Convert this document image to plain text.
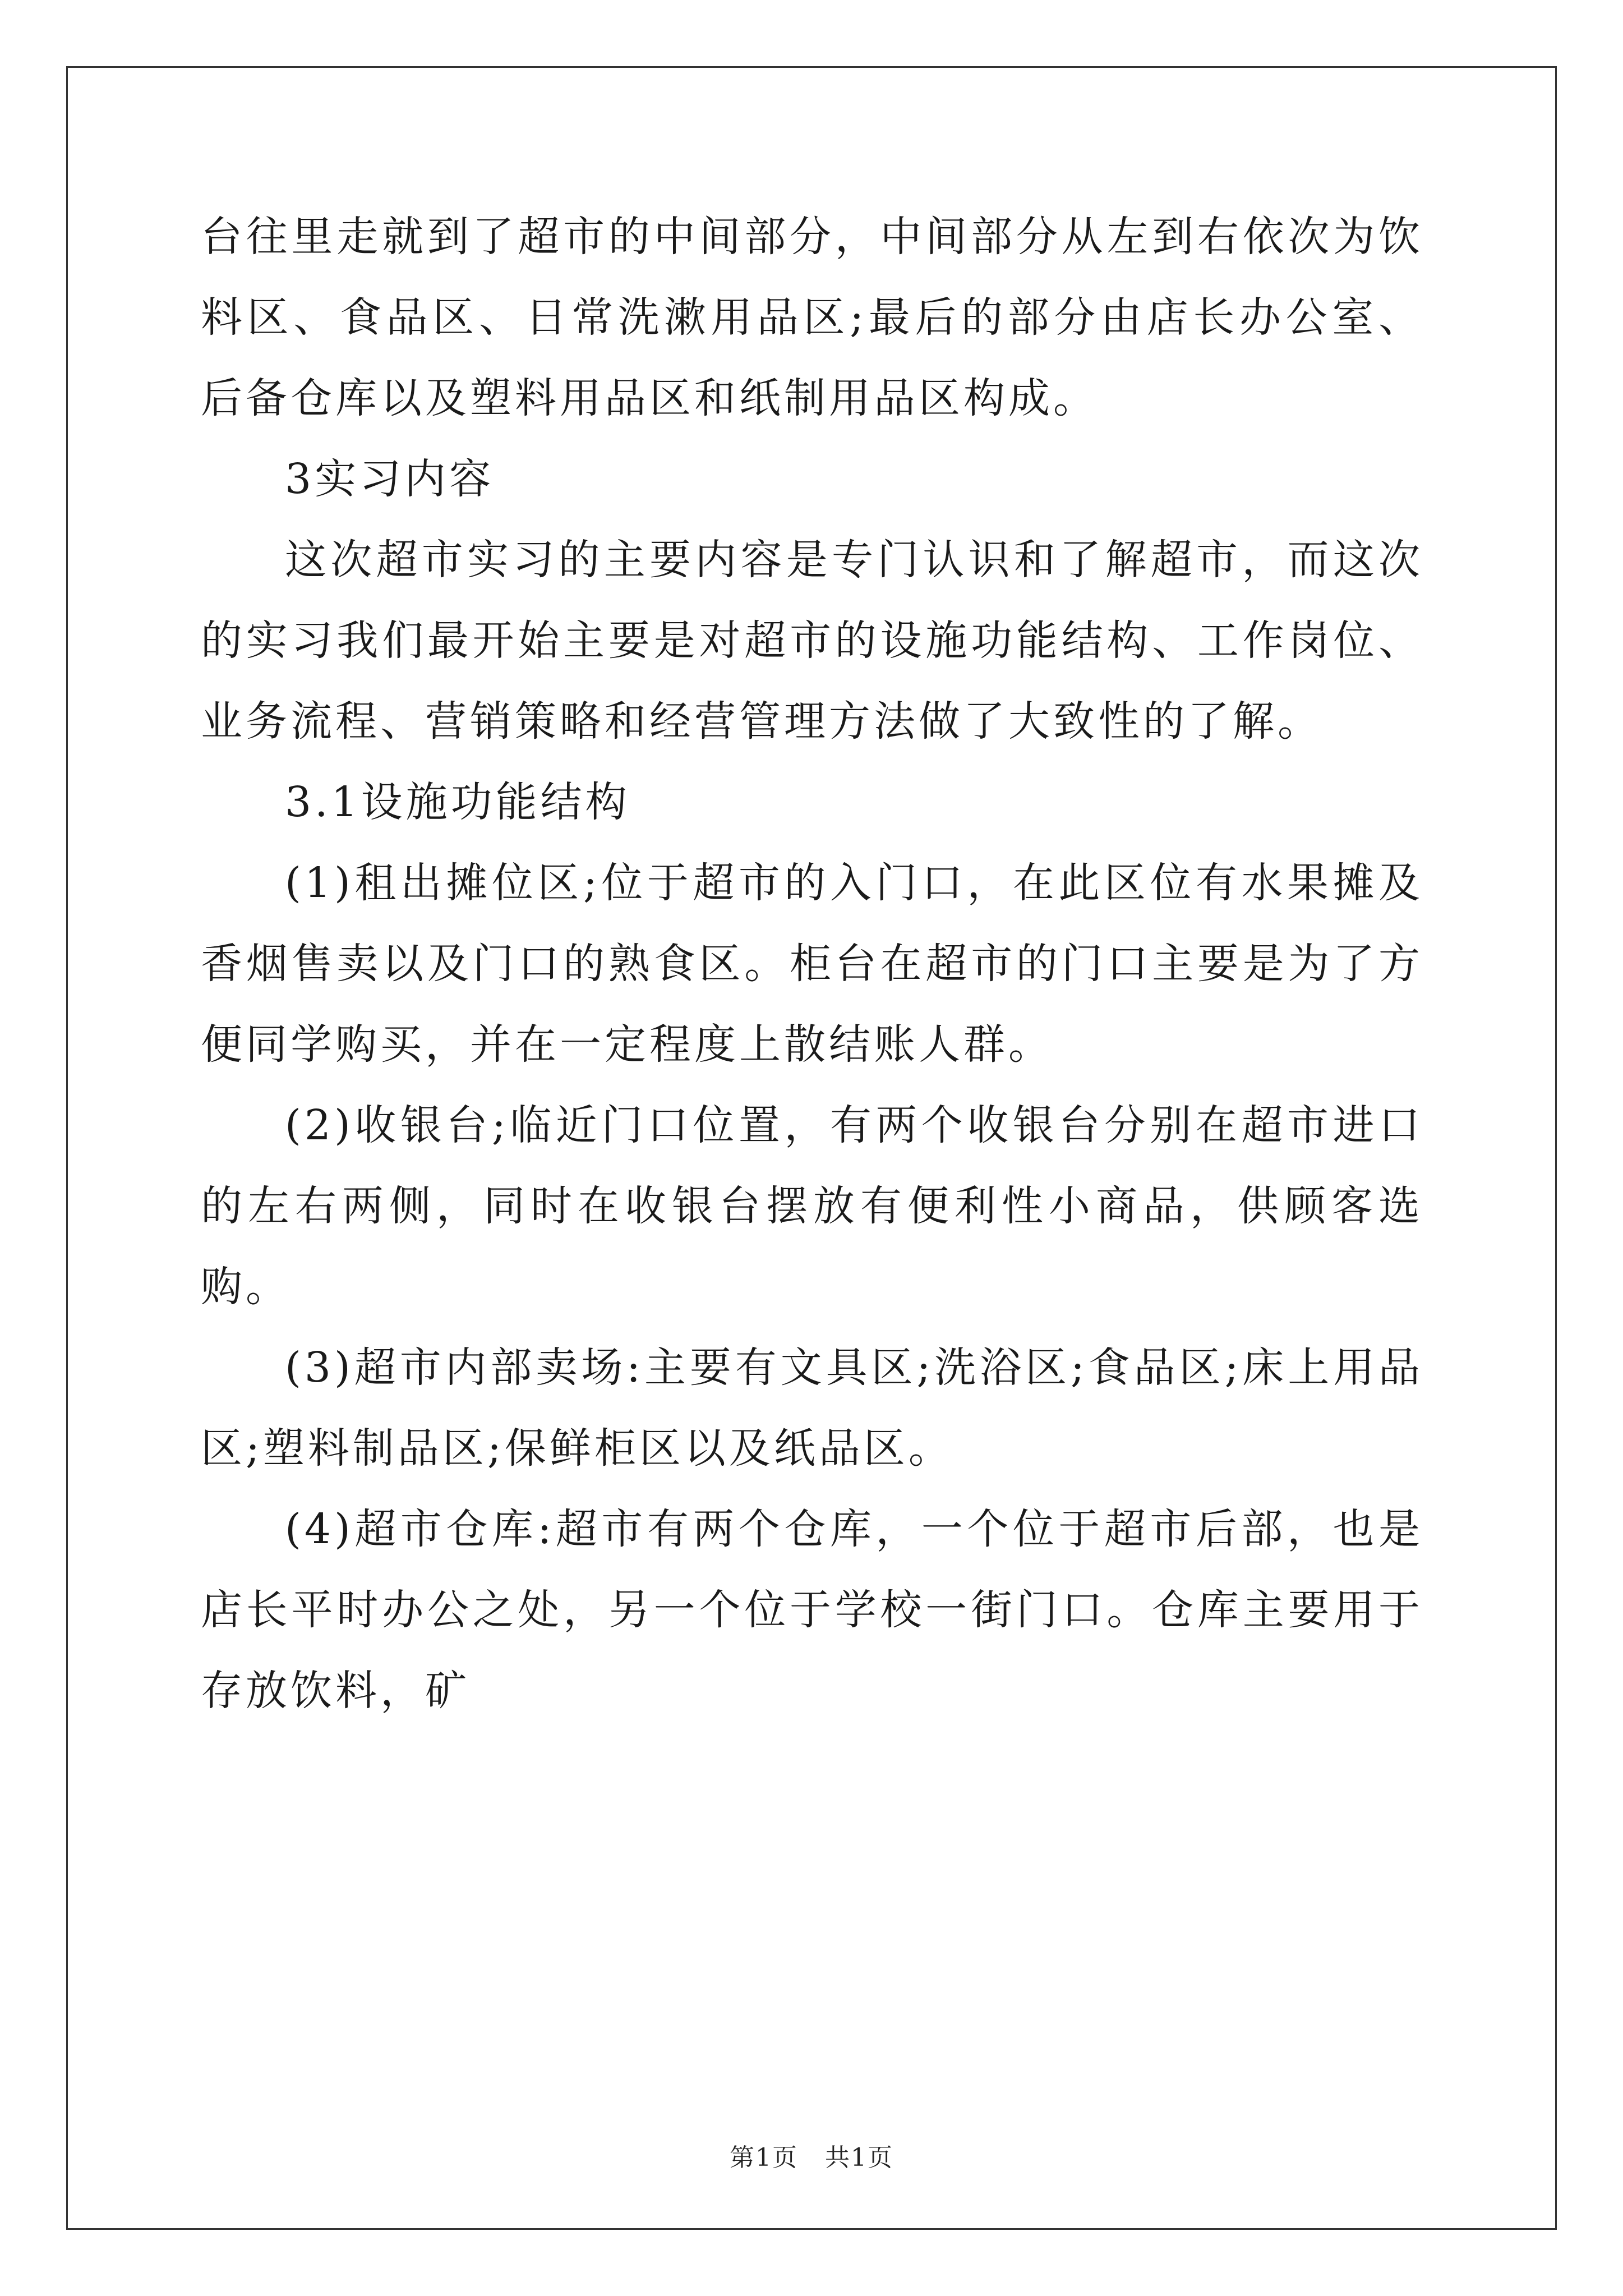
台往里走就到了超市的中间部分，中间部分从左到右依次为饮料区、食品区、日常洗漱用品区;最后的部分由店长办公室、后备仓库以及塑料用品区和纸制用品区构成。

3实习内容

这次超市实习的主要内容是专门认识和了解超市，而这次的实习我们最开始主要是对超市的设施功能结构、工作岗位、业务流程、营销策略和经营管理方法做了大致性的了解。

3.1设施功能结构

(1)租出摊位区;位于超市的入门口，在此区位有水果摊及香烟售卖以及门口的熟食区。柜台在超市的门口主要是为了方便同学购买，并在一定程度上散结账人群。

(2)收银台;临近门口位置，有两个收银台分别在超市进口的左右两侧，同时在收银台摆放有便利性小商品，供顾客选购。

(3)超市内部卖场:主要有文具区;洗浴区;食品区;床上用品区;塑料制品区;保鲜柜区以及纸品区。

(4)超市仓库:超市有两个仓库，一个位于超市后部，也是店长平时办公之处，另一个位于学校一街门口。仓库主要用于存放饮料，矿

第1页 共1页
